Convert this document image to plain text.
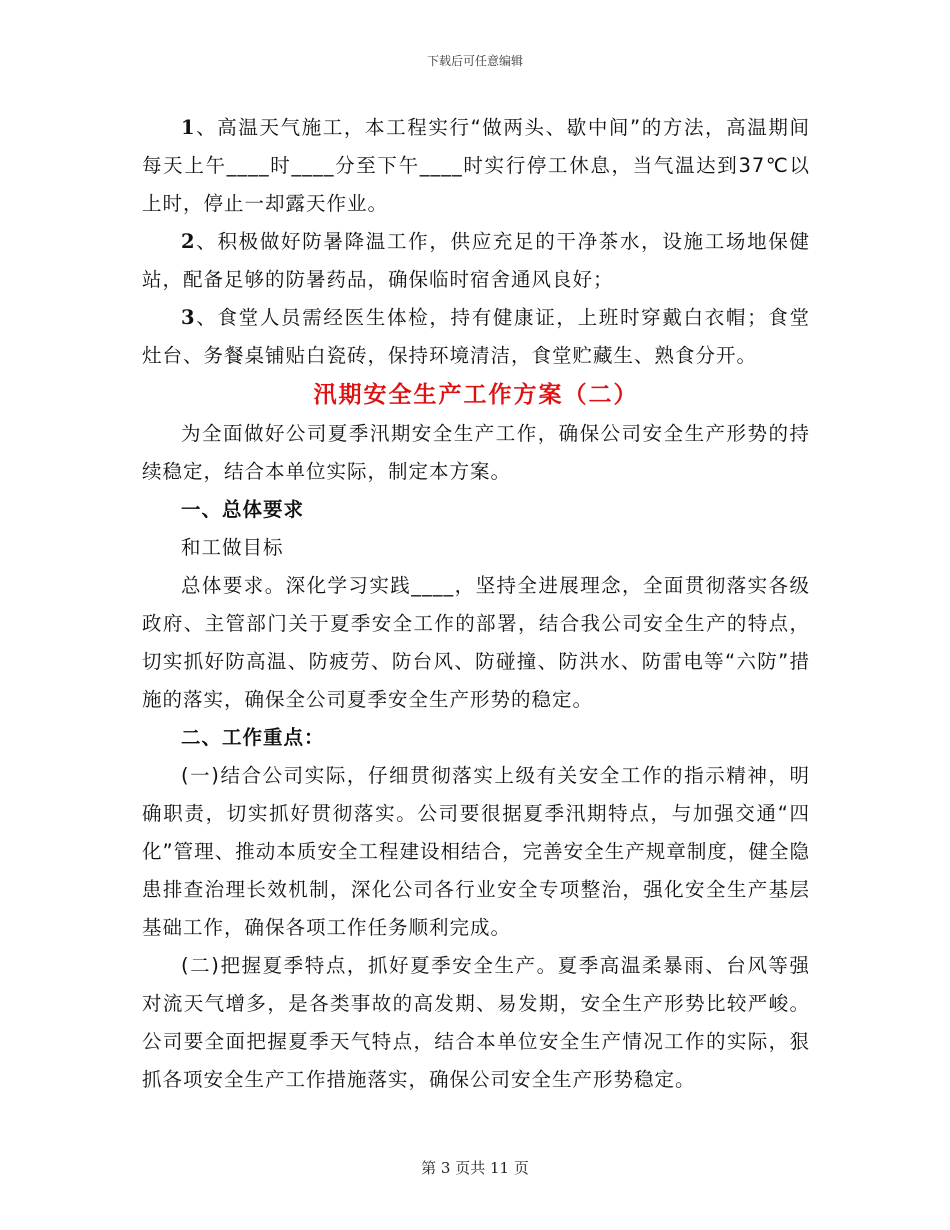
下载后可任意编辑

1、高温天气施工，本工程实行“做两头、歇中间”的方法，高温期间每天上午____时____分至下午____时实行停工休息，当气温达到37℃以上时，停止一却露天作业。

2、积极做好防暑降温工作，供应充足的干净茶水，设施工场地保健站，配备足够的防暑药品，确保临时宿舍通风良好；

3、食堂人员需经医生体检，持有健康证，上班时穿戴白衣帽；食堂灶台、务餐桌铺贴白瓷砖，保持环境清洁，食堂贮藏生、熟食分开。

汛期安全生产工作方案（二）

为全面做好公司夏季汛期安全生产工作，确保公司安全生产形势的持续稳定，结合本单位实际，制定本方案。

一、总体要求

和工做目标

总体要求。深化学习实践____，坚持全进展理念，全面贯彻落实各级政府、主管部门关于夏季安全工作的部署，结合我公司安全生产的特点，切实抓好防高温、防疲劳、防台风、防碰撞、防洪水、防雷电等“六防”措施的落实，确保全公司夏季安全生产形势的稳定。

二、工作重点：

(一)结合公司实际，仔细贯彻落实上级有关安全工作的指示精神，明确职责，切实抓好贯彻落实。公司要很据夏季汛期特点，与加强交通“四化”管理、推动本质安全工程建设相结合，完善安全生产规章制度，健全隐患排查治理长效机制，深化公司各行业安全专项整治，强化安全生产基层基础工作，确保各项工作任务顺利完成。

(二)把握夏季特点，抓好夏季安全生产。夏季高温柔暴雨、台风等强对流天气增多，是各类事故的高发期、易发期，安全生产形势比较严峻。公司要全面把握夏季天气特点，结合本单位安全生产情况工作的实际，狠抓各项安全生产工作措施落实，确保公司安全生产形势稳定。

第 3 页共 11 页
